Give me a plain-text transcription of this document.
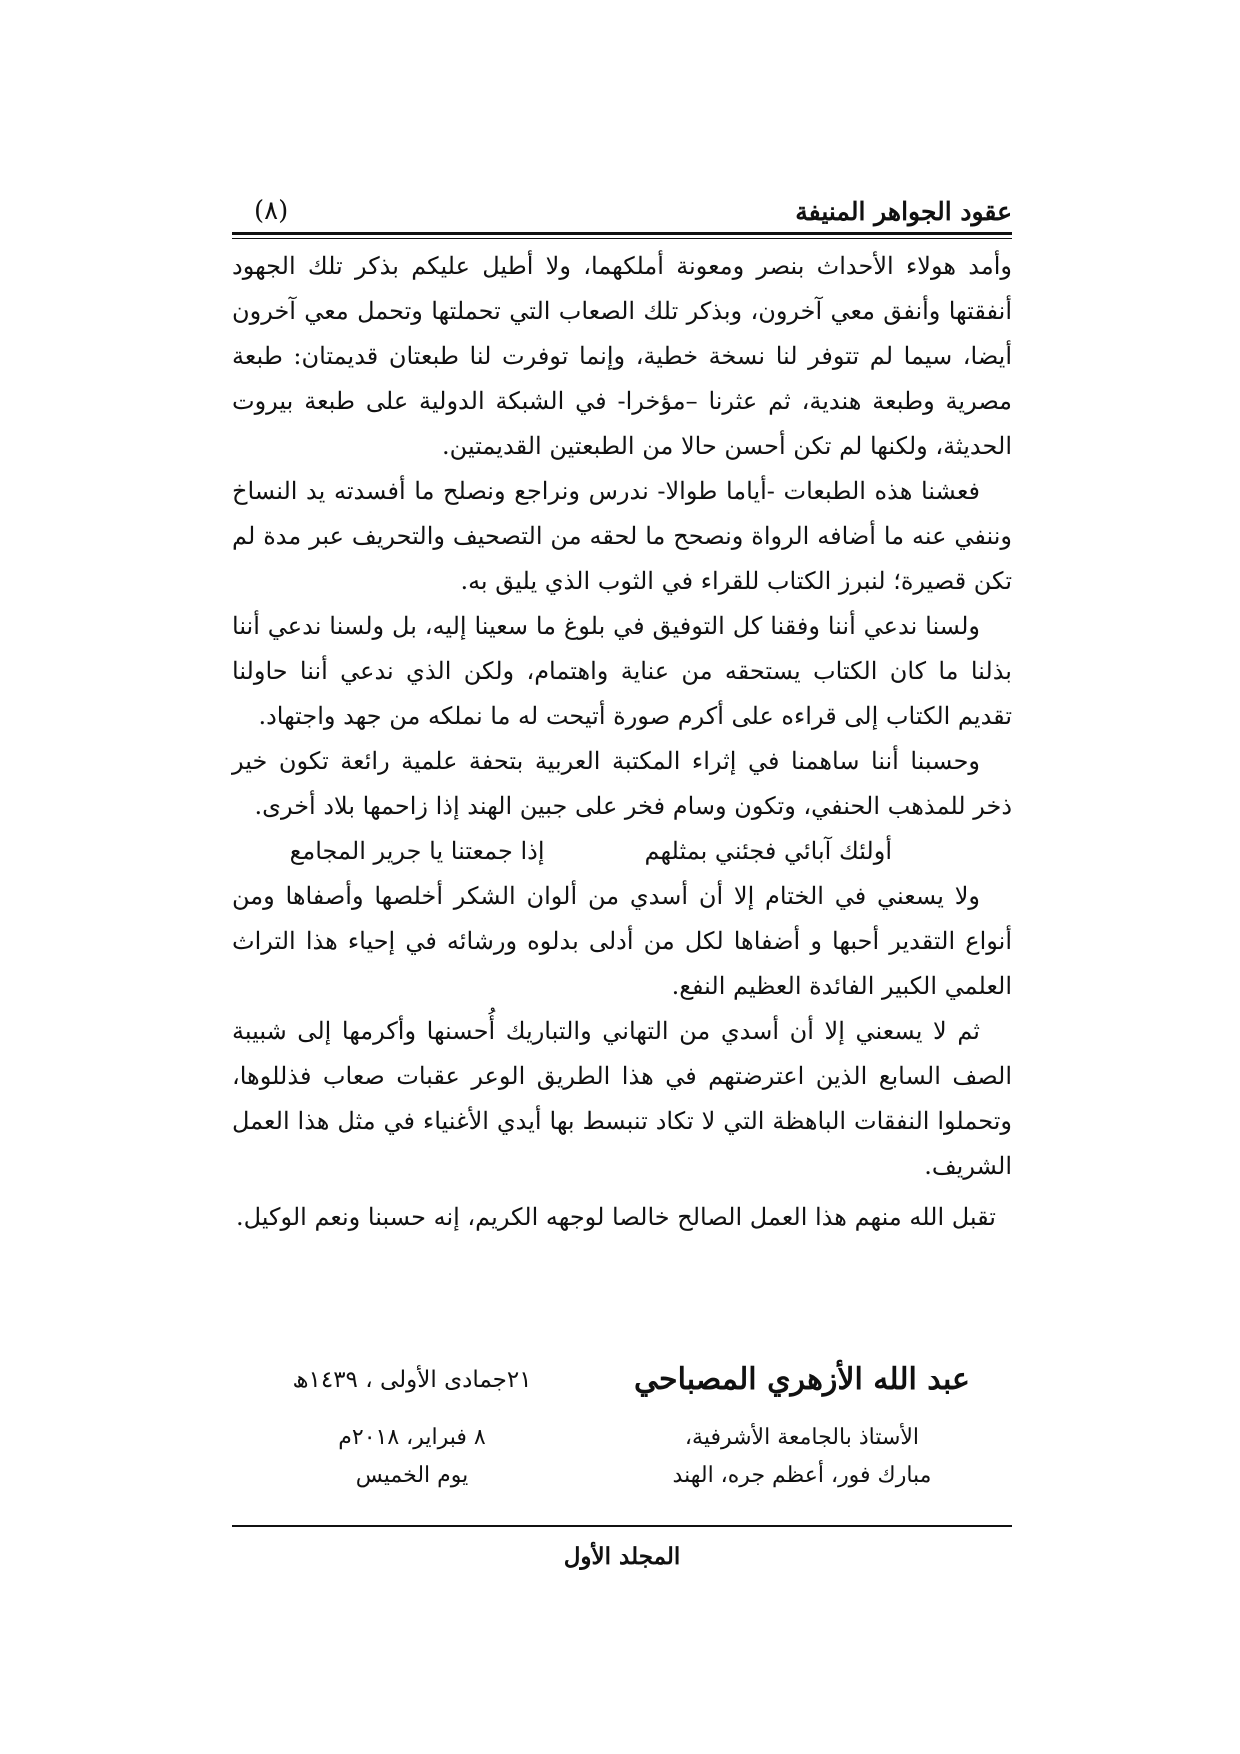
عقود الجواهر المنيفة
(٨)

وأمد هولاء الأحداث بنصر ومعونة أملكهما، ولا أطيل عليكم بذكر تلك الجهود أنفقتها وأنفق معي آخرون، وبذكر تلك الصعاب التي تحملتها وتحمل معي آخرون أيضا، سيما لم تتوفر لنا نسخة خطية، وإنما توفرت لنا طبعتان قديمتان: طبعة مصرية وطبعة هندية، ثم عثرنا –مؤخرا- في الشبكة الدولية على طبعة بيروت الحديثة، ولكنها لم تكن أحسن حالا من الطبعتين القديمتين.

فعشنا هذه الطبعات -أياما طوالا- ندرس ونراجع ونصلح ما أفسدته يد النساخ وننفي عنه ما أضافه الرواة ونصحح ما لحقه من التصحيف والتحريف عبر مدة لم تكن قصيرة؛ لنبرز الكتاب للقراء في الثوب الذي يليق به.

ولسنا ندعي أننا وفقنا كل التوفيق في بلوغ ما سعينا إليه، بل ولسنا ندعي أننا بذلنا ما كان الكتاب يستحقه من عناية واهتمام، ولكن الذي ندعي أننا حاولنا تقديم الكتاب إلى قراءه على أكرم صورة أتيحت له ما نملكه من جهد واجتهاد.

وحسبنا أننا ساهمنا في إثراء المكتبة العربية بتحفة علمية رائعة تكون خير ذخر للمذهب الحنفي، وتكون وسام فخر على جبين الهند إذا زاحمها بلاد أخرى.

أولئك آبائي فجئني بمثلهم
إذا جمعتنا يا جرير المجامع

ولا يسعني في الختام إلا أن أسدي من ألوان الشكر أخلصها وأصفاها ومن أنواع التقدير أحبها و أضفاها لكل من أدلى بدلوه ورشائه في إحياء هذا التراث العلمي الكبير الفائدة العظيم النفع.

ثم لا يسعني إلا أن أسدي من التهاني والتباريك أُحسنها وأكرمها إلى شبيبة الصف السابع الذين اعترضتهم في هذا الطريق الوعر عقبات صعاب فذللوها، وتحملوا النفقات الباهظة التي لا تكاد تنبسط بها أيدي الأغنياء في مثل هذا العمل الشريف.

تقبل الله منهم هذا العمل الصالح خالصا لوجهه الكريم، إنه حسبنا ونعم الوكيل.

عبد الله الأزهري المصباحي
الأستاذ بالجامعة الأشرفية،
مبارك فور، أعظم جره، الهند
٢١جمادى الأولى ، ١٤٣٩ھ
٨ فبراير، ٢٠١٨م
يوم الخميس
المجلد الأول
